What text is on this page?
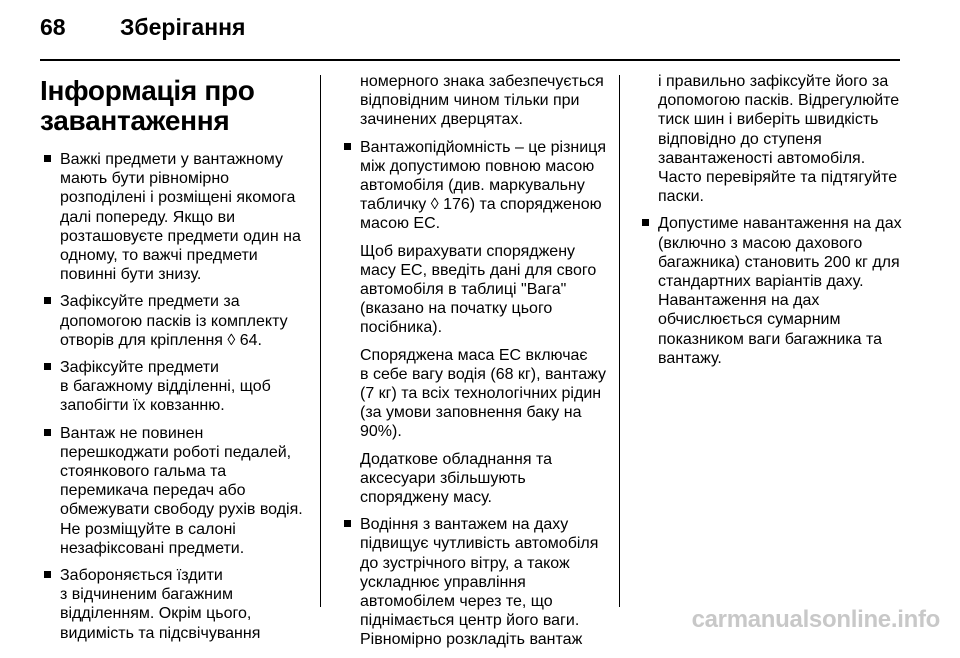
68 Зберігання
Інформація про
завантаження
Важкі предмети у вантажному
мають бути рівномірно
розподілені і розміщені якомога
далі попереду. Якщо ви
розташовуєте предмети один на
одному, то важчі предмети
повинні бути знизу.
Зафіксуйте предмети за
допомогою пасків із комплекту
отворів для кріплення ◊ 64.
Зафіксуйте предмети
в багажному відділенні, щоб
запобігти їх ковзанню.
Вантаж не повинен
перешкоджати роботі педалей,
стоянкового гальма та
перемикача передач або
обмежувати свободу рухів водія.
Не розміщуйте в салоні
незафіксовані предмети.
Забороняється їздити
з відчиненим багажним
відділенням. Окрім цього,
видимість та підсвічування
номерного знака забезпечується
відповідним чином тільки при
зачинених дверцятах.
Вантажопідйомність – це різниця
між допустимою повною масою
автомобіля (див. маркувальну
табличку ◊ 176) та спорядженою
масою ЕС.
Щоб вирахувати споряджену
масу ЕС, введіть дані для свого
автомобіля в таблиці "Вага"
(вказано на початку цього
посібника).
Споряджена маса ЕС включає
в себе вагу водія (68 кг), вантажу
(7 кг) та всіх технологічних рідин
(за умови заповнення баку на
90%).
Додаткове обладнання та
аксесуари збільшують
споряджену масу.
Водіння з вантажем на даху
підвищує чутливість автомобіля
до зустрічного вітру, а також
ускладнює управління
автомобілем через те, що
піднімається центр його ваги.
Рівномірно розкладіть вантаж
і правильно зафіксуйте його за
допомогою пасків. Відрегулюйте
тиск шин і виберіть швидкість
відповідно до ступеня
завантаженості автомобіля.
Часто перевіряйте та підтягуйте
паски.
Допустиме навантаження на дах
(включно з масою дахового
багажника) становить 200 кг для
стандартних варіантів даху.
Навантаження на дах
обчислюється сумарним
показником ваги багажника та
вантажу.
carmanualsonline.info
